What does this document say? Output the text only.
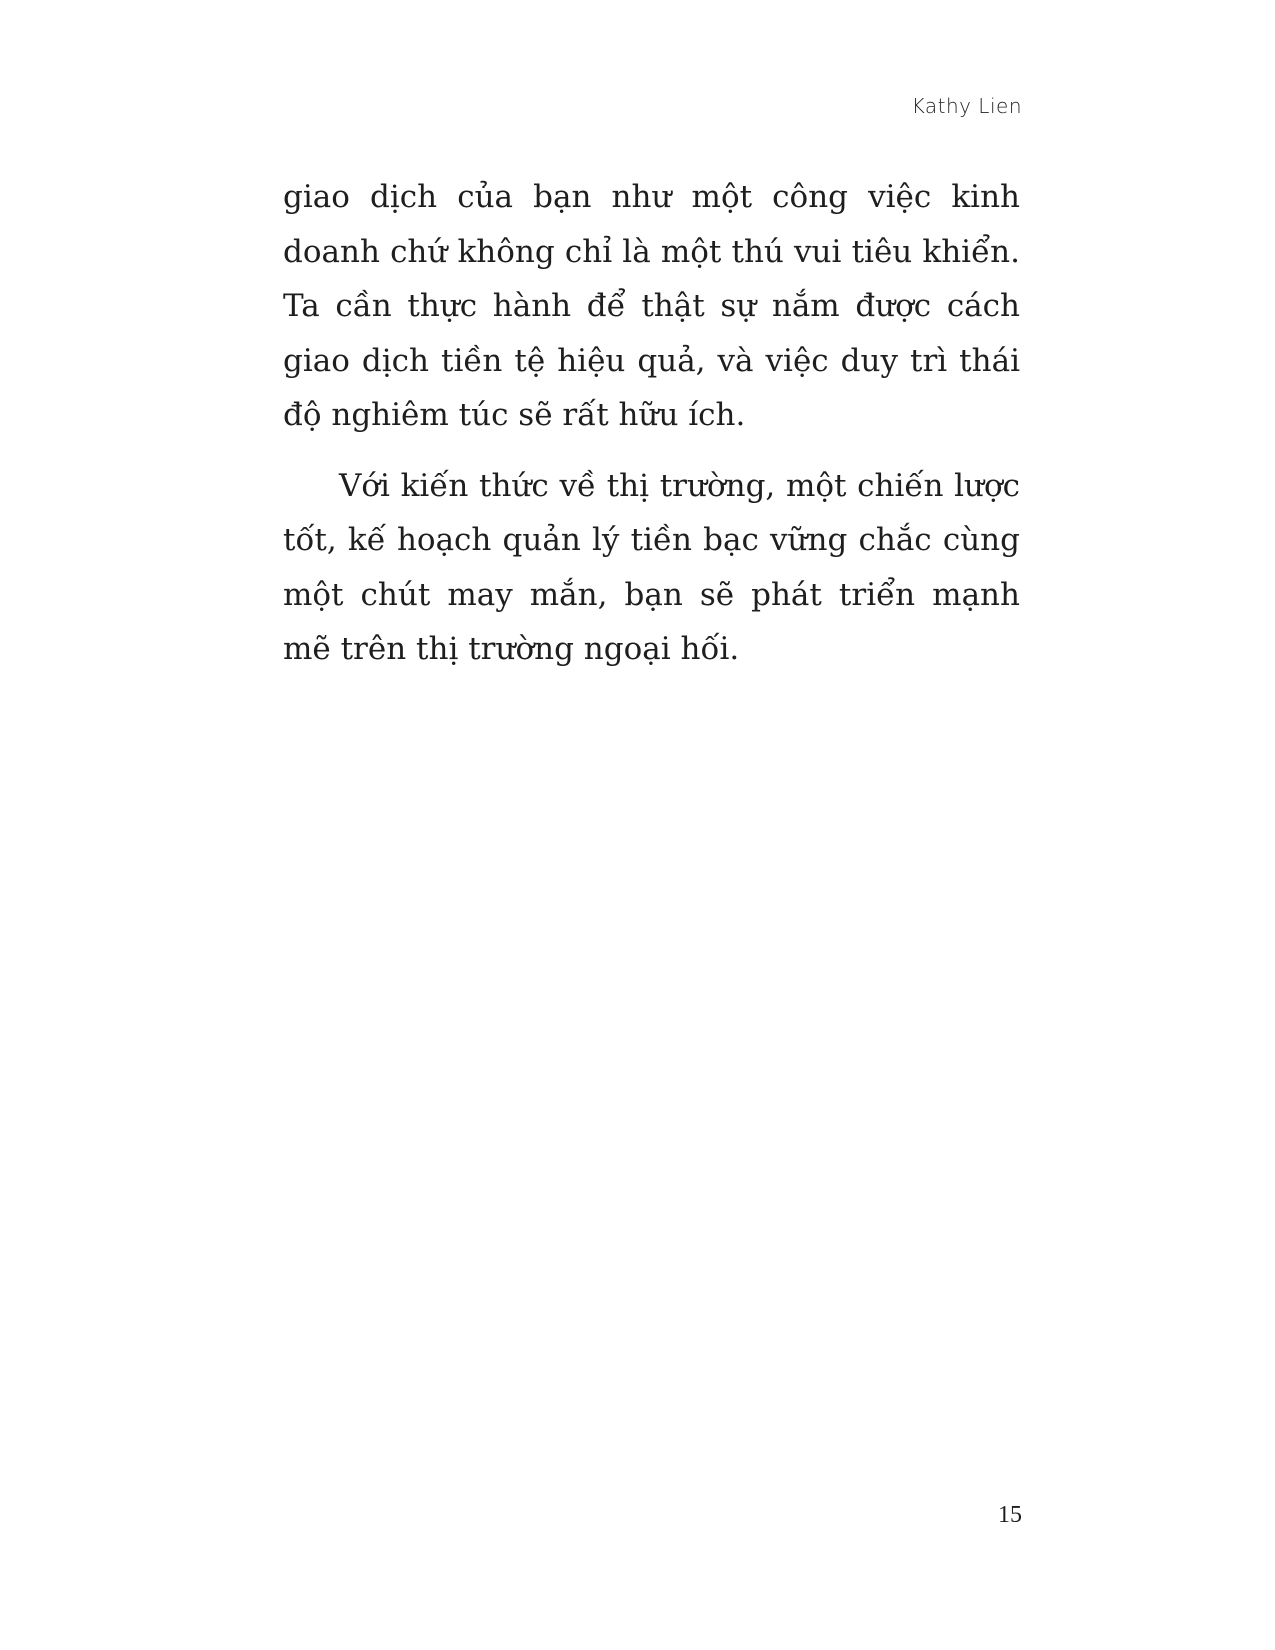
Kathy Lien

giao dịch của bạn như một công việc kinh doanh chứ không chỉ là một thú vui tiêu khiển. Ta cần thực hành để thật sự nắm được cách giao dịch tiền tệ hiệu quả, và việc duy trì thái độ nghiêm túc sẽ rất hữu ích.

Với kiến thức về thị trường, một chiến lược tốt, kế hoạch quản lý tiền bạc vững chắc cùng một chút may mắn, bạn sẽ phát triển mạnh mẽ trên thị trường ngoại hối.

15
